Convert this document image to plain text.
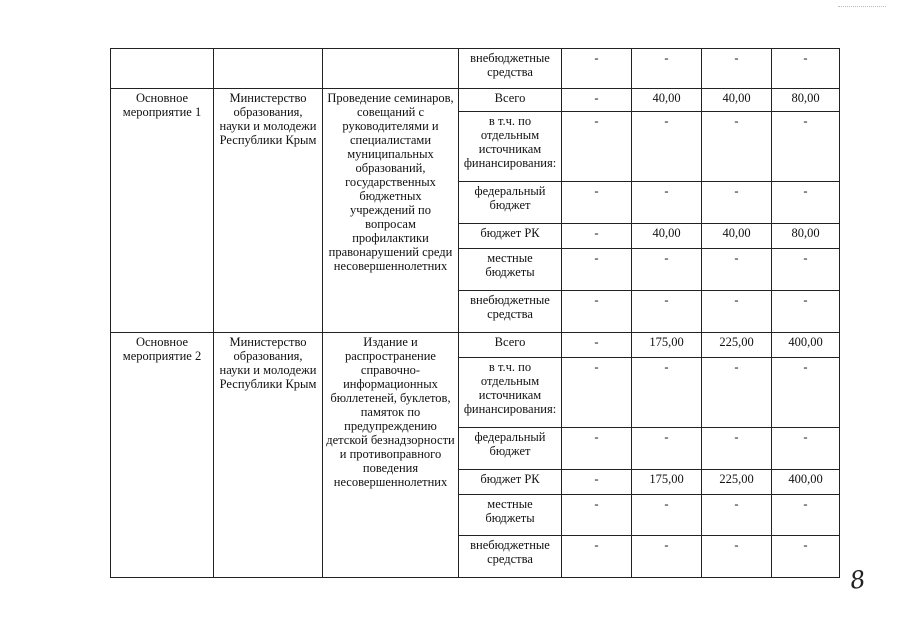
			внебюджетные средства	-	-	-	-
Основное мероприятие 1	Министерство образования, науки и молодежи Республики Крым	Проведение семинаров, совещаний с руководителями и специалистами муниципальных образований, государственных бюджетных учреждений по вопросам профилактики правонарушений среди несовершеннолетних	Всего	-	40,00	40,00	80,00
			в т.ч. по отдельным источникам финансирования:	-	-	-	-
			федеральный бюджет	-	-	-	-
			бюджет РК	-	40,00	40,00	80,00
			местные бюджеты	-	-	-	-
			внебюджетные средства	-	-	-	-
Основное мероприятие 2	Министерство образования, науки и молодежи Республики Крым	Издание и распространение справочно-информационных бюллетеней, буклетов, памяток по предупреждению детской безнадзорности и противоправного поведения несовершеннолетних	Всего	-	175,00	225,00	400,00
			в т.ч. по отдельным источникам финансирования:	-	-	-	-
			федеральный бюджет	-	-	-	-
			бюджет РК	-	175,00	225,00	400,00
			местные бюджеты	-	-	-	-
			внебюджетные средства	-	-	-	-
8
